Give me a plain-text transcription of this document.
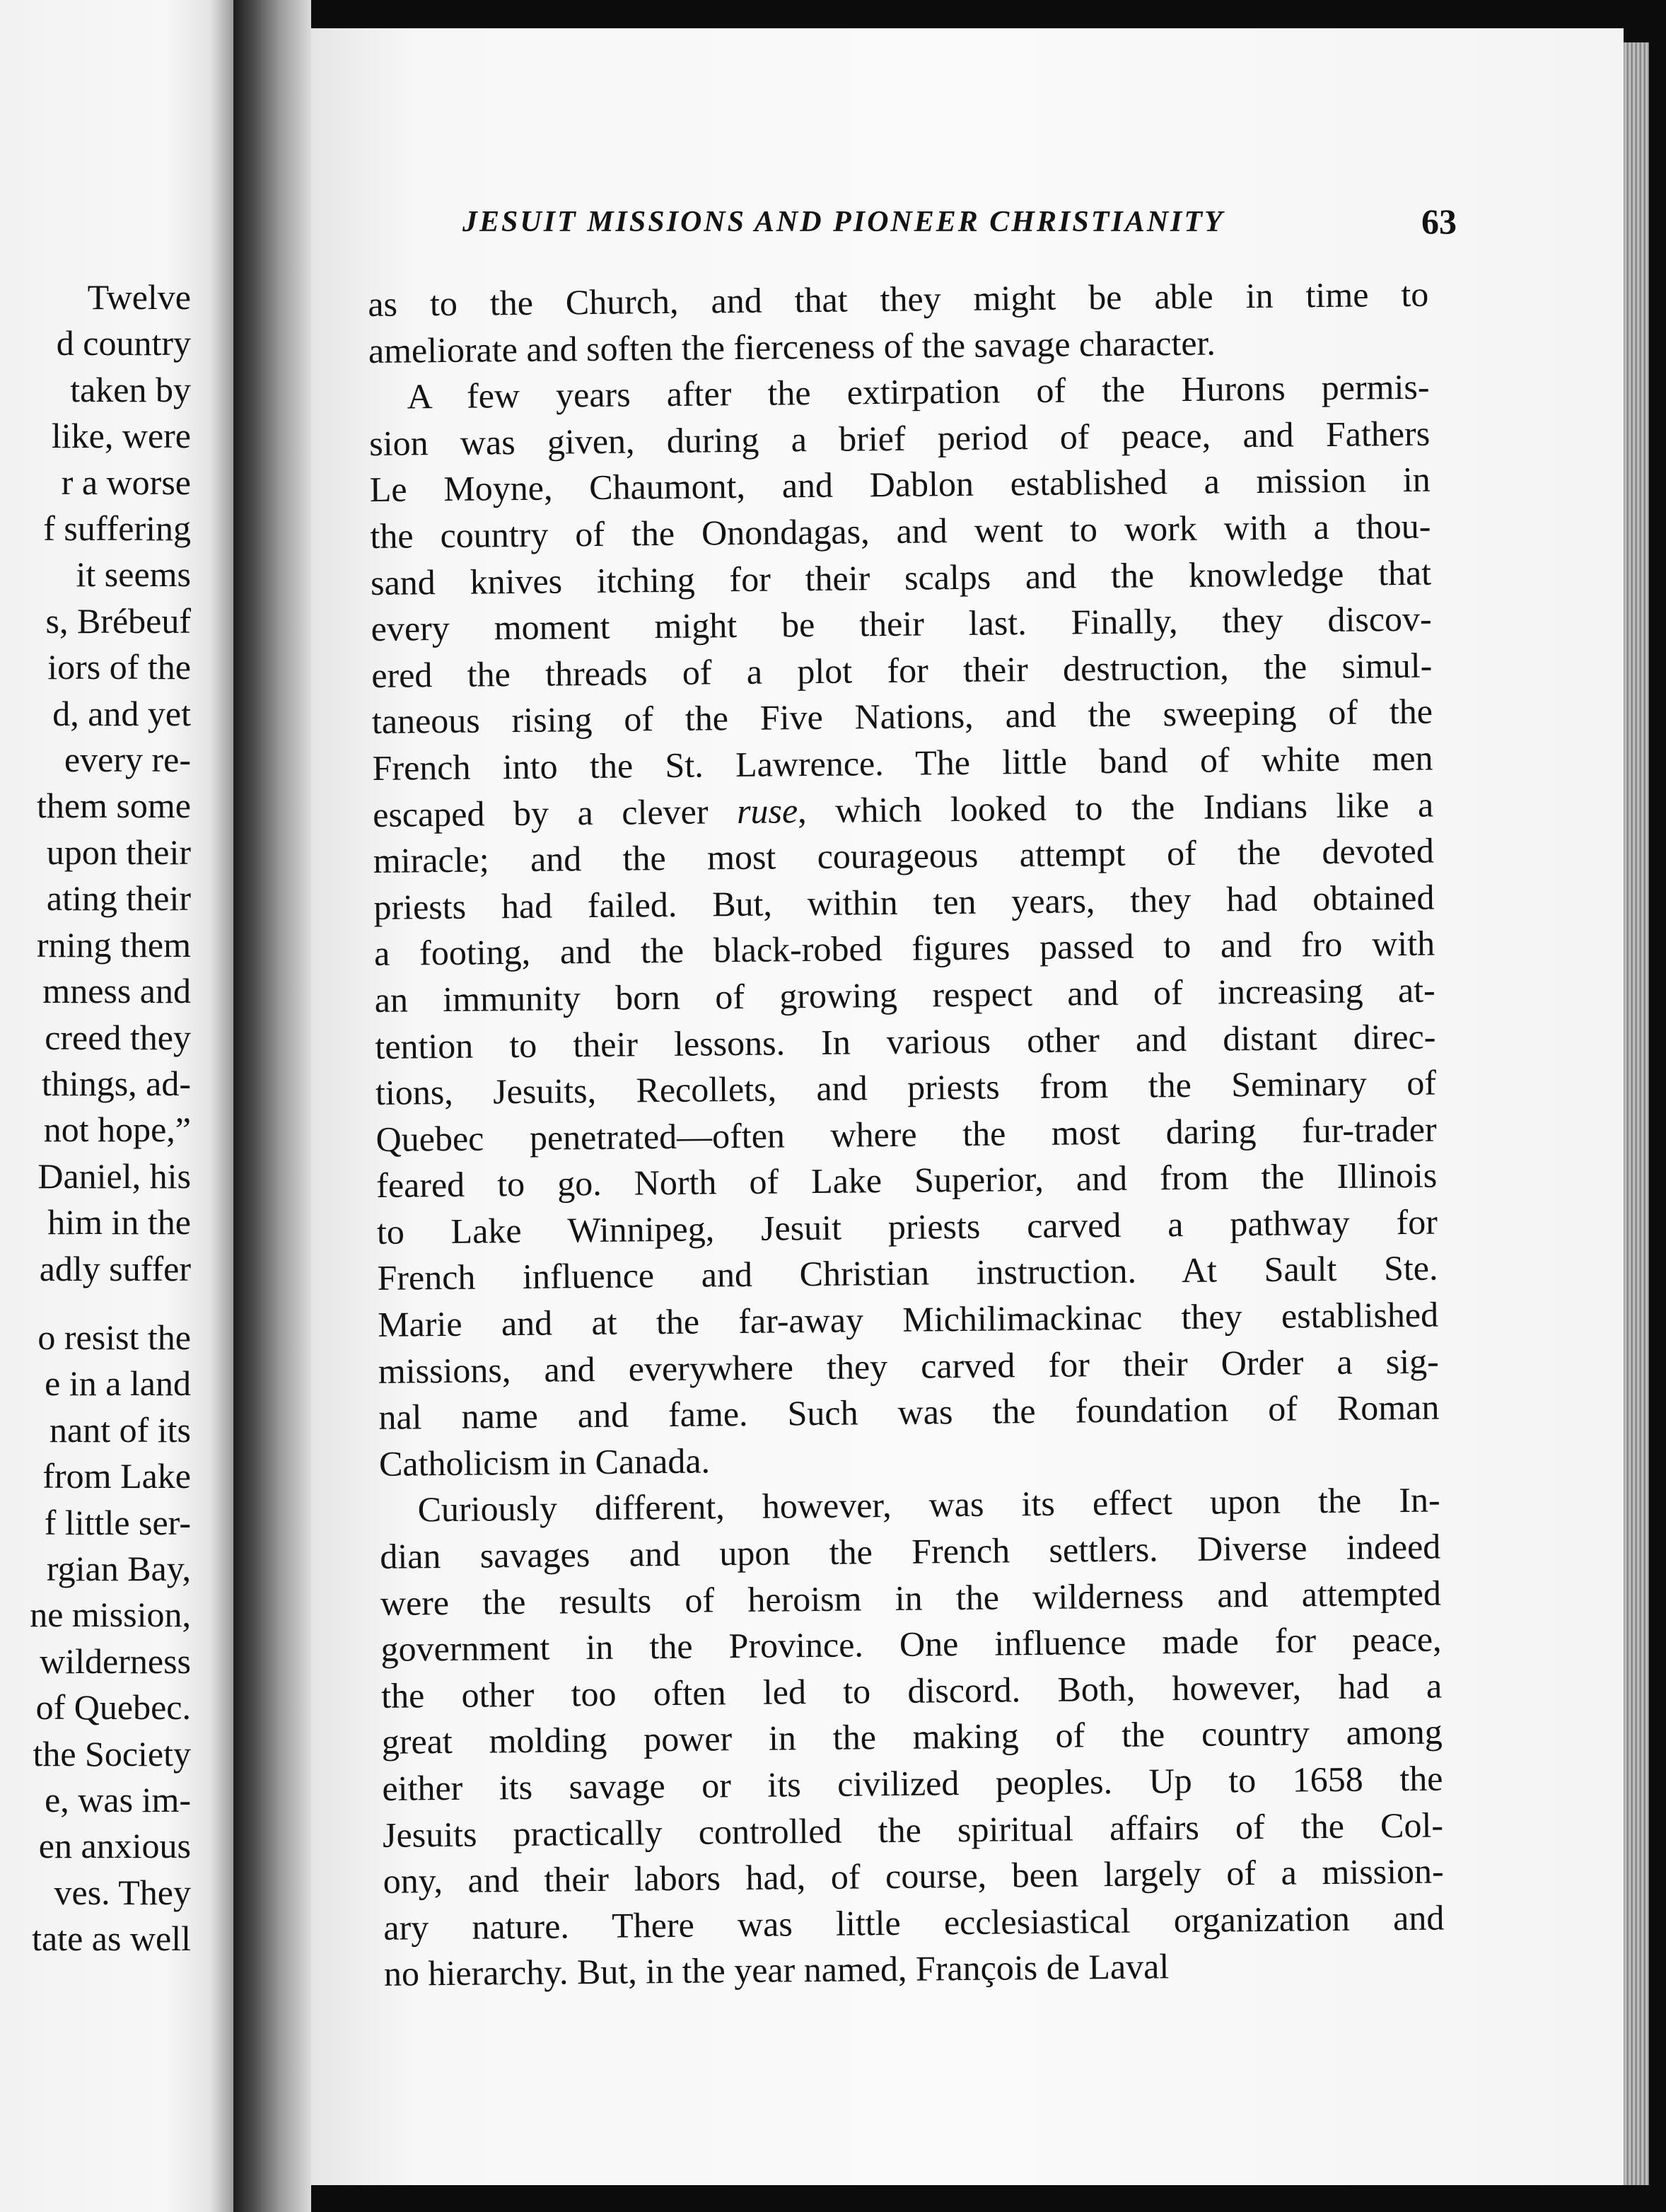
Twelve
d country
taken by
like, were
r a worse
f suffering
it seems
s, Brébeuf
iors of the
d, and yet
every re-
them some
upon their
ating their
rning them
mness and
creed they
things, ad-
not hope,”
Daniel, his
him in the
adly suffer
o resist the
e in a land
nant of its
from Lake
f little ser-
rgian Bay,
ne mission,
wilderness
of Quebec.
the Society
e, was im-
en anxious
ves. They
tate as well
JESUIT MISSIONS AND PIONEER CHRISTIANITY	63
as to the Church, and that they might be able in time to
ameliorate and soften the fierceness of the savage character.
A few years after the extirpation of the Hurons permis-
sion was given, during a brief period of peace, and Fathers
Le Moyne, Chaumont, and Dablon established a mission in
the country of the Onondagas, and went to work with a thou-
sand knives itching for their scalps and the knowledge that
every moment might be their last. Finally, they discov-
ered the threads of a plot for their destruction, the simul-
taneous rising of the Five Nations, and the sweeping of the
French into the St. Lawrence. The little band of white men
escaped by a clever ruse, which looked to the Indians like a
miracle; and the most courageous attempt of the devoted
priests had failed. But, within ten years, they had obtained
a footing, and the black-robed figures passed to and fro with
an immunity born of growing respect and of increasing at-
tention to their lessons. In various other and distant direc-
tions, Jesuits, Recollets, and priests from the Seminary of
Quebec penetrated—often where the most daring fur-trader
feared to go. North of Lake Superior, and from the Illinois
to Lake Winnipeg, Jesuit priests carved a pathway for
French influence and Christian instruction. At Sault Ste.
Marie and at the far-away Michilimackinac they established
missions, and everywhere they carved for their Order a sig-
nal name and fame. Such was the foundation of Roman
Catholicism in Canada.
Curiously different, however, was its effect upon the In-
dian savages and upon the French settlers. Diverse indeed
were the results of heroism in the wilderness and attempted
government in the Province. One influence made for peace,
the other too often led to discord. Both, however, had a
great molding power in the making of the country among
either its savage or its civilized peoples. Up to 1658 the
Jesuits practically controlled the spiritual affairs of the Col-
ony, and their labors had, of course, been largely of a mission-
ary nature. There was little ecclesiastical organization and
no hierarchy. But, in the year named, François de Laval
